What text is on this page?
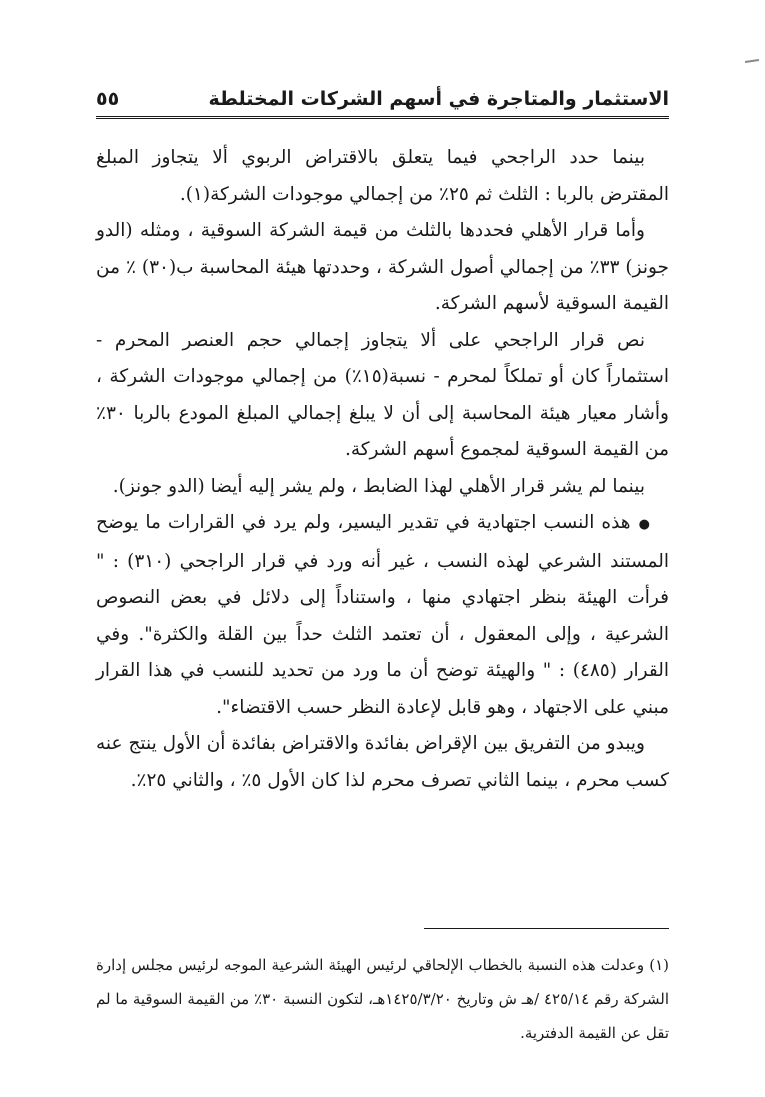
الاستثمار والمتاجرة في أسهم الشركات المختلطة
٥٥

بينما حدد الراجحي فيما يتعلق بالاقتراض الربوي ألا يتجاوز المبلغ المقترض بالربا : الثلث ثم ٢٥٪ من إجمالي موجودات الشركة(١).

وأما قرار الأهلي فحددها بالثلث من قيمة الشركة السوقية ، ومثله (الدو جونز) ٣٣٪ من إجمالي أصول الشركة ، وحددتها هيئة المحاسبة ب(٣٠) ٪ من القيمة السوقية لأسهم الشركة.

نص قرار الراجحي على ألا يتجاوز إجمالي حجم العنصر المحرم - استثماراً كان أو تملكاً لمحرم - نسبة(١٥٪) من إجمالي موجودات الشركة ، وأشار معيار هيئة المحاسبة إلى أن لا يبلغ إجمالي المبلغ المودع بالربا ٣٠٪ من القيمة السوقية لمجموع أسهم الشركة.

بينما لم يشر قرار الأهلي لهذا الضابط ، ولم يشر إليه أيضا (الدو جونز).

●هذه النسب اجتهادية في تقدير اليسير، ولم يرد في القرارات ما يوضح المستند الشرعي لهذه النسب ، غير أنه ورد في قرار الراجحي (٣١٠) : " فرأت الهيئة بنظر اجتهادي منها ، واستناداً إلى دلائل في بعض النصوص الشرعية ، وإلى المعقول ، أن تعتمد الثلث حداً بين القلة والكثرة". وفي القرار (٤٨٥) : " والهيئة توضح أن ما ورد من تحديد للنسب في هذا القرار مبني على الاجتهاد ، وهو قابل لإعادة النظر حسب الاقتضاء".

ويبدو من التفريق بين الإقراض بفائدة والاقتراض بفائدة أن الأول ينتج عنه كسب محرم ، بينما الثاني تصرف محرم لذا كان الأول ٥٪ ، والثاني ٢٥٪.

(١) وعدلت هذه النسبة بالخطاب الإلحاقي لرئيس الهيئة الشرعية الموجه لرئيس مجلس إدارة الشركة رقم ٤٢٥/١٤ /هـ ش وتاريخ ١٤٢٥/٣/٢٠هـ، لتكون النسبة ٣٠٪ من القيمة السوقية ما لم تقل عن القيمة الدفترية.
